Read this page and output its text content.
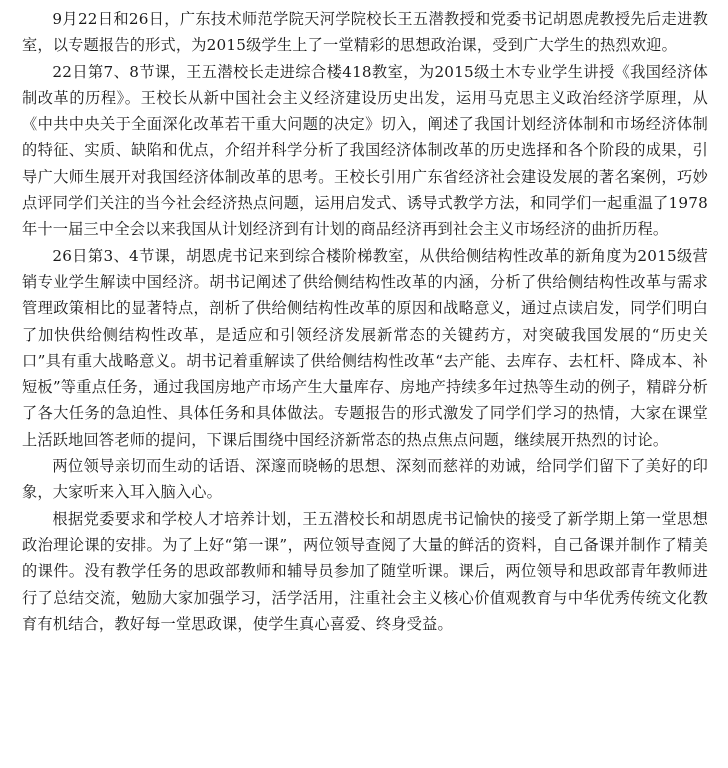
9月22日和26日，广东技术师范学院天河学院校长王五潜教授和党委书记胡恩虎教授先后走进教室，以专题报告的形式，为2015级学生上了一堂精彩的思想政治课，受到广大学生的热烈欢迎。

22日第7、8节课，王五潜校长走进综合楼418教室，为2015级土木专业学生讲授《我国经济体制改革的历程》。王校长从新中国社会主义经济建设历史出发，运用马克思主义政治经济学原理，从《中共中央关于全面深化改革若干重大问题的决定》切入，阐述了我国计划经济体制和市场经济体制的特征、实质、缺陷和优点，介绍并科学分析了我国经济体制改革的历史选择和各个阶段的成果，引导广大师生展开对我国经济体制改革的思考。王校长引用广东省经济社会建设发展的著名案例，巧妙点评同学们关注的当今社会经济热点问题，运用启发式、诱导式教学方法，和同学们一起重温了1978年十一届三中全会以来我国从计划经济到有计划的商品经济再到社会主义市场经济的曲折历程。

26日第3、4节课，胡恩虎书记来到综合楼阶梯教室，从供给侧结构性改革的新角度为2015级营销专业学生解读中国经济。胡书记阐述了供给侧结构性改革的内涵，分析了供给侧结构性改革与需求管理政策相比的显著特点，剖析了供给侧结构性改革的原因和战略意义，通过点读启发，同学们明白了加快供给侧结构性改革，是适应和引领经济发展新常态的关键药方，对突破我国发展的“历史关口”具有重大战略意义。胡书记着重解读了供给侧结构性改革“去产能、去库存、去杠杆、降成本、补短板”等重点任务，通过我国房地产市场产生大量库存、房地产持续多年过热等生动的例子，精辟分析了各大任务的急迫性、具体任务和具体做法。专题报告的形式激发了同学们学习的热情，大家在课堂上活跃地回答老师的提问，下课后围绕中国经济新常态的热点焦点问题，继续展开热烈的讨论。

两位领导亲切而生动的话语、深邃而晓畅的思想、深刻而慈祥的劝诫，给同学们留下了美好的印象，大家听来入耳入脑入心。

根据党委要求和学校人才培养计划，王五潜校长和胡恩虎书记愉快的接受了新学期上第一堂思想政治理论课的安排。为了上好“第一课”，两位领导查阅了大量的鲜活的资料，自己备课并制作了精美的课件。没有教学任务的思政部教师和辅导员参加了随堂听课。课后，两位领导和思政部青年教师进行了总结交流，勉励大家加强学习，活学活用，注重社会主义核心价值观教育与中华优秀传统文化教育有机结合，教好每一堂思政课，使学生真心喜爱、终身受益。
